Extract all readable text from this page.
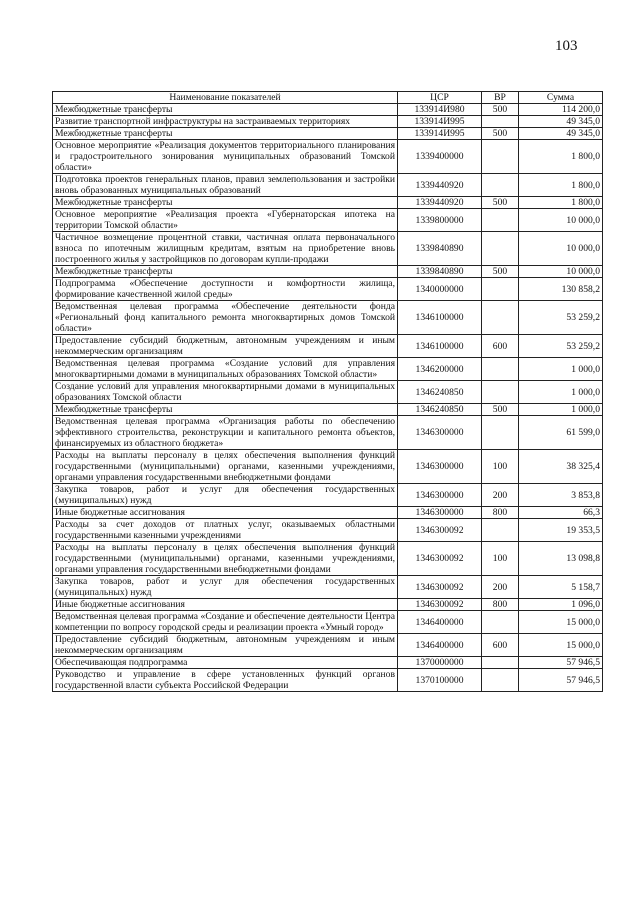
103
Наименование показателей	ЦСР	ВР	Сумма
Межбюджетные трансферты	133914И980	500	114 200,0
Развитие транспортной инфраструктуры на застраиваемых территориях	133914И995		49 345,0
Межбюджетные трансферты	133914И995	500	49 345,0
Основное мероприятие «Реализация документов территориального планирования и градостроительного зонирования муниципальных образований Томской области»	1339400000		1 800,0
Подготовка проектов генеральных планов, правил землепользования и застройки вновь образованных муниципальных образований	1339440920		1 800,0
Межбюджетные трансферты	1339440920	500	1 800,0
Основное мероприятие «Реализация проекта «Губернаторская ипотека на территории Томской области»	1339800000		10 000,0
Частичное возмещение процентной ставки, частичная оплата первоначального взноса по ипотечным жилищным кредитам, взятым на приобретение вновь построенного жилья у застройщиков по договорам купли-продажи	1339840890		10 000,0
Межбюджетные трансферты	1339840890	500	10 000,0
Подпрограмма «Обеспечение доступности и комфортности жилища, формирование качественной жилой среды»	1340000000		130 858,2
Ведомственная целевая программа «Обеспечение деятельности фонда «Региональный фонд капитального ремонта многоквартирных домов Томской области»	1346100000		53 259,2
Предоставление субсидий бюджетным, автономным учреждениям и иным некоммерческим организациям	1346100000	600	53 259,2
Ведомственная целевая программа «Создание условий для управления многоквартирными домами в муниципальных образованиях Томской области»	1346200000		1 000,0
Создание условий для управления многоквартирными домами в муниципальных образованиях Томской области	1346240850		1 000,0
Межбюджетные трансферты	1346240850	500	1 000,0
Ведомственная целевая программа «Организация работы по обеспечению эффективного строительства, реконструкции и капитального ремонта объектов, финансируемых из областного бюджета»	1346300000		61 599,0
Расходы на выплаты персоналу в целях обеспечения выполнения функций государственными (муниципальными) органами, казенными учреждениями, органами управления государственными внебюджетными фондами	1346300000	100	38 325,4
Закупка товаров, работ и услуг для обеспечения государственных (муниципальных) нужд	1346300000	200	3 853,8
Иные бюджетные ассигнования	1346300000	800	66,3
Расходы за счет доходов от платных услуг, оказываемых областными государственными казенными учреждениями	1346300092		19 353,5
Расходы на выплаты персоналу в целях обеспечения выполнения функций государственными (муниципальными) органами, казенными учреждениями, органами управления государственными внебюджетными фондами	1346300092	100	13 098,8
Закупка товаров, работ и услуг для обеспечения государственных (муниципальных) нужд	1346300092	200	5 158,7
Иные бюджетные ассигнования	1346300092	800	1 096,0
Ведомственная целевая программа «Создание и обеспечение деятельности Центра компетенции по вопросу городской среды и реализации проекта «Умный город»	1346400000		15 000,0
Предоставление субсидий бюджетным, автономным учреждениям и иным некоммерческим организациям	1346400000	600	15 000,0
Обеспечивающая подпрограмма	1370000000		57 946,5
Руководство и управление в сфере установленных функций органов государственной власти субъекта Российской Федерации	1370100000		57 946,5
